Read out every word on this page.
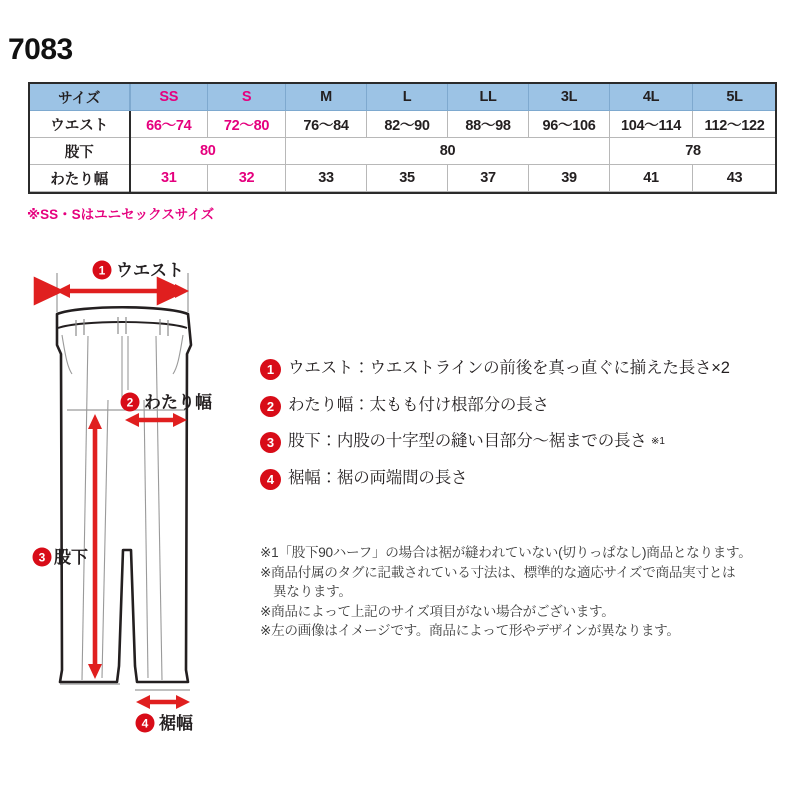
7083
サイズ	SS	S	M	L	LL	3L	4L	5L
ウエスト	66〜74	72〜80	76〜84	82〜90	88〜98	96〜106	104〜114	112〜122
股下	80		80				78	
わたり幅	31	32	33	35	37	39	41	43
※SS・Sはユニセックスサイズ
1 ウエスト
2 わたり幅
3 股下
4 裾幅
1 ウエスト：ウエストラインの前後を真っ直ぐに揃えた長さ×2
2 わたり幅：太もも付け根部分の長さ
3 股下：内股の十字型の縫い目部分〜裾までの長さ $^{※1}$
4 裾幅：裾の両端間の長さ
※1「股下90ハーフ」の場合は裾が縫われていない(切りっぱなし)商品となります。
※商品付属のタグに記載されている寸法は、標準的な適応サイズで商品実寸とは
異なります。
※商品によって上記のサイズ項目がない場合がございます。
※左の画像はイメージです。商品によって形やデザインが異なります。
